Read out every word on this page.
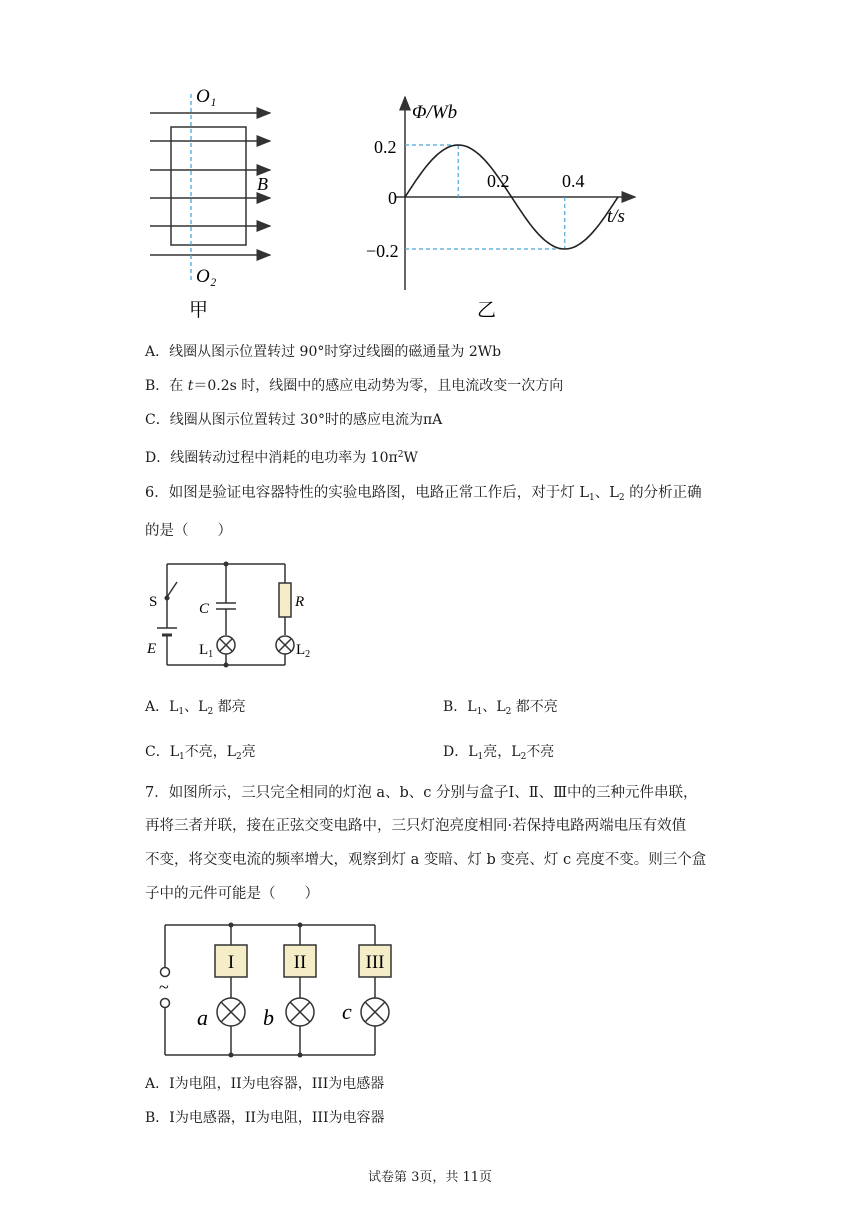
O₁
B
O₂
甲
Φ/Wb
t/s
0.2
0
−0.2
0.2	0.4
乙
A．线圈从图示位置转过 90°时穿过线圈的磁通量为 2Wb
B．在 t＝0.2s 时，线圈中的感应电动势为零，且电流改变一次方向
C．线圈从图示位置转过 30°时的感应电流为πA
D．线圈转动过程中消耗的电功率为 $10\pi^2W$
6．如图是验证电容器特性的实验电路图，电路正常工作后，对于灯 $L_1$、$L_2$ 的分析正确
的是（　　）
S	C	R
E	$L_1$	$L_2$
A．$L_1$、$L_2$ 都亮	B．$L_1$、$L_2$ 都不亮
C．$L_1$不亮，$L_2$亮	D．$L_1$亮，$L_2$不亮
7．如图所示，三只完全相同的灯泡 a、b、c 分别与盒子Ⅰ、Ⅱ、Ⅲ中的三种元件串联，
再将三者并联，接在正弦交变电路中，三只灯泡亮度相同·若保持电路两端电压有效值
不变，将交变电流的频率增大，观察到灯 a 变暗、灯 b 变亮、灯 c 亮度不变。则三个盒
子中的元件可能是（　　）
I	II	III
~
a	b	c
A．I为电阻，II为电容器，III为电感器
B．I为电感器，II为电阻，III为电容器
试卷第 3页，共 11页
